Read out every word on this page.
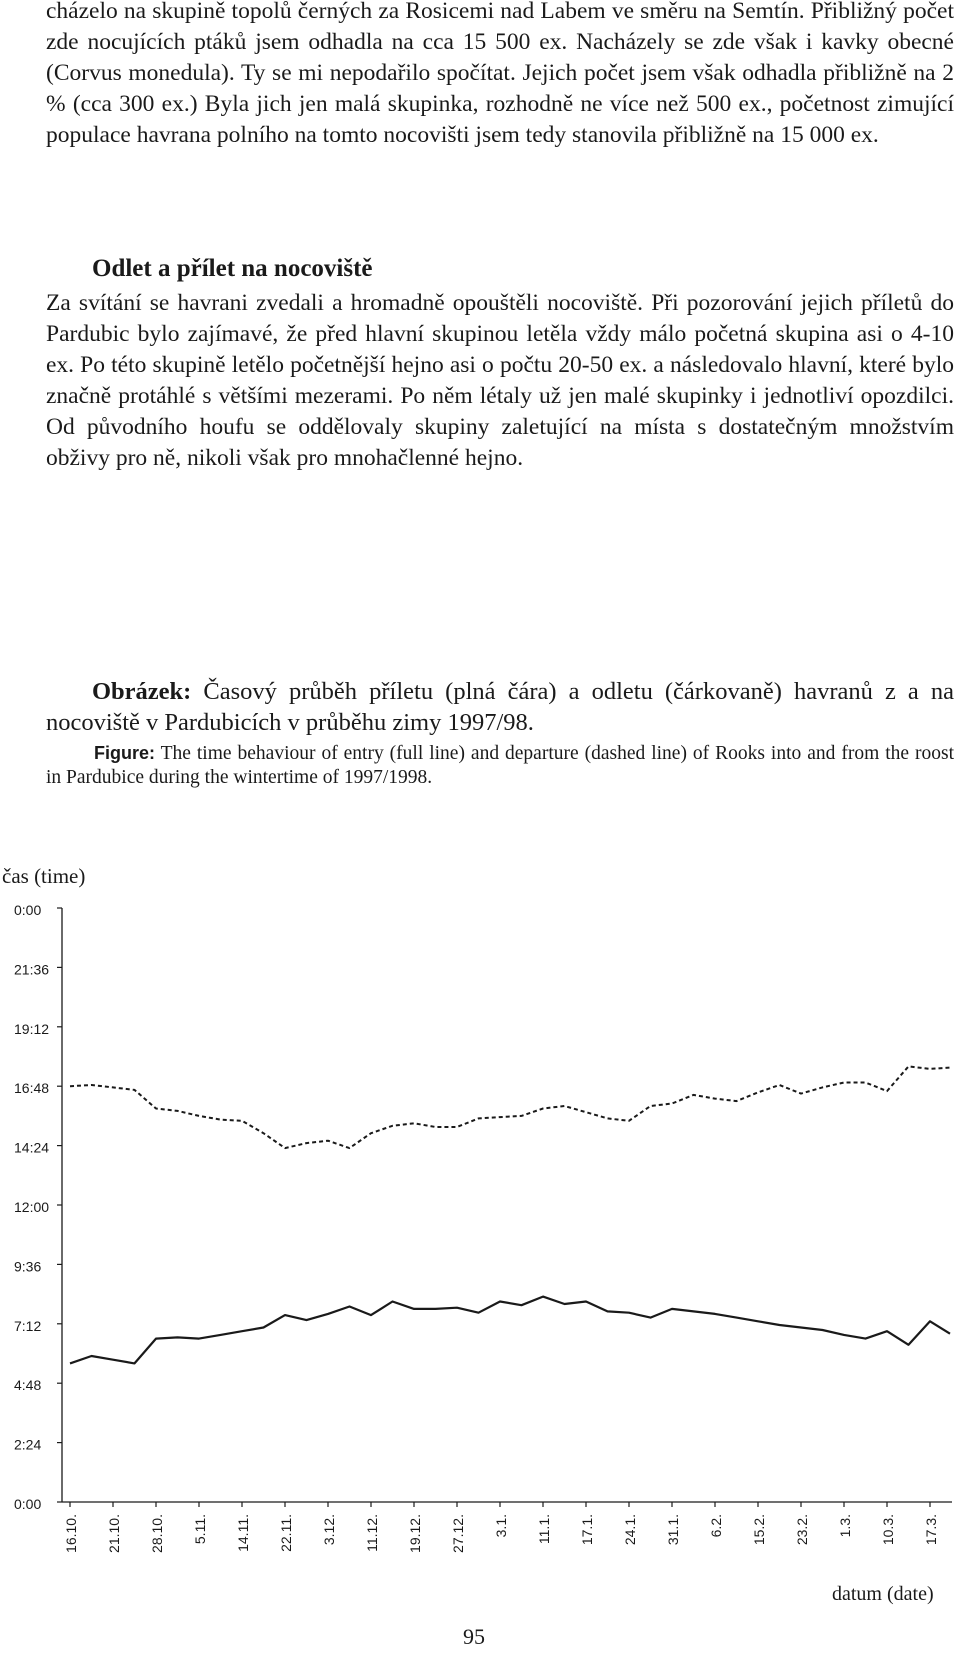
cházelo na skupině topolů černých za Rosicemi nad Labem ve směru na Semtín. Přibližný počet zde nocujících ptáků jsem odhadla na cca 15 500 ex. Nacházely se zde však i kavky obecné (Corvus monedula). Ty se mi nepodařilo spočítat. Jejich počet jsem však odhadla přibližně na 2 % (cca 300 ex.) Byla jich jen malá skupinka, rozhodně ne více než 500 ex., početnost zimující populace havrana polního na tomto nocovišti jsem tedy stanovila přibližně na 15 000 ex.

Odlet a přílet na nocoviště

Za svítání se havrani zvedali a hromadně opouštěli nocoviště. Při pozorování jejich příletů do Pardubic bylo zajímavé, že před hlavní skupinou letěla vždy málo početná skupina asi o 4-10 ex. Po této skupině letělo početnější hejno asi o počtu 20-50 ex. a následovalo hlavní, které bylo značně protáhlé s většími mezerami. Po něm létaly už jen malé skupinky i jednotliví opozdilci. Od původního houfu se oddělovaly skupiny zaletující na místa s dostatečným množstvím obživy pro ně, nikoli však pro mnohačlenné hejno.

Obrázek: Časový průběh příletu (plná čára) a odletu (čárkovaně) havranů z a na nocoviště v Pardubicích v průběhu zimy 1997/98.

Figure: The time behaviour of entry (full line) and departure (dashed line) of Rooks into and from the roost in Pardubice during the wintertime of 1997/1998.

čas (time)
0:00
2:24
4:48
7:12
9:36
12:00
14:24
16:48
19:12
21:36
0:00
16.10. 21.10. 28.10. 5.11. 14.11. 22.11. 3.12. 11.12. 19.12. 27.12. 3.1. 11.1. 17.1. 24.1. 31.1. 6.2. 15.2. 23.2. 1.3. 10.3. 17.3.
datum (date)
95
